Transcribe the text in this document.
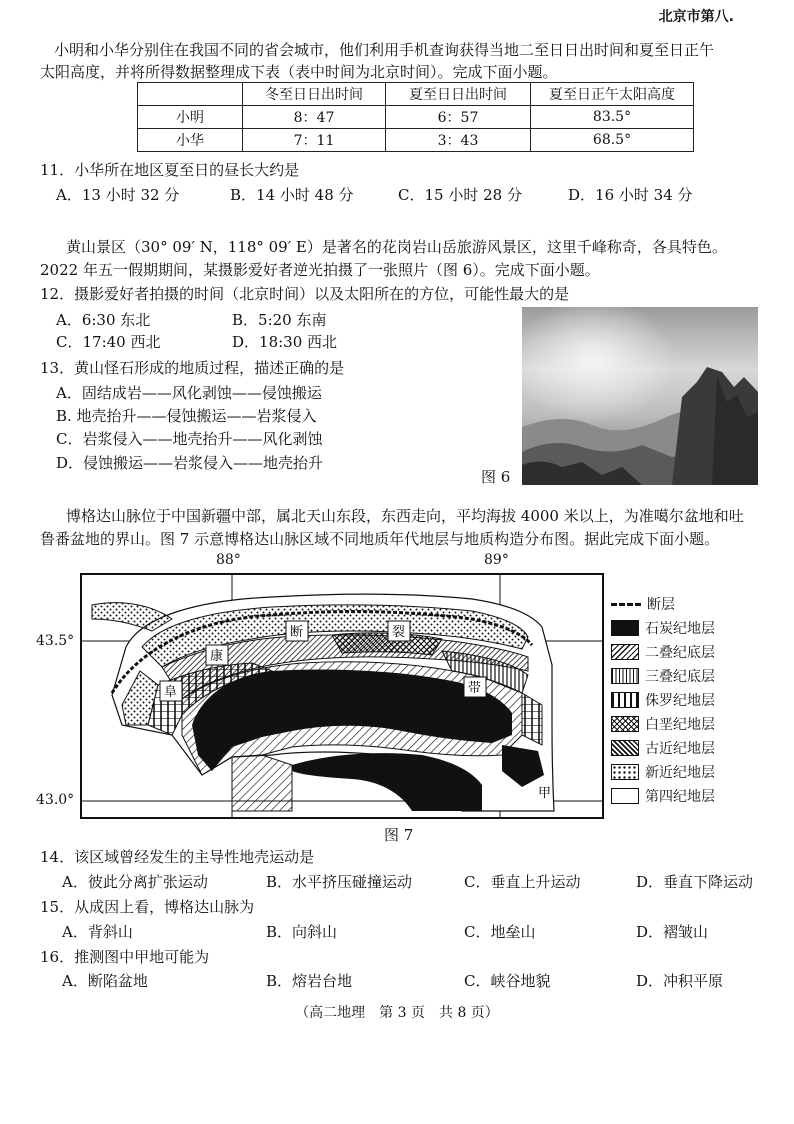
北京市第八.
小明和小华分别住在我国不同的省会城市，他们利用手机查询获得当地二至日日出时间和夏至日正午
太阳高度，并将所得数据整理成下表（表中时间为北京时间）。完成下面小题。
	冬至日日出时间	夏至日日出时间	夏至日正午太阳高度
小明	8：47	6：57	83.5°
小华	7：11	3：43	68.5°
11．小华所在地区夏至日的昼长大约是
A．13 小时 32 分	B．14 小时 48 分	C．15 小时 28 分	D．16 小时 34 分
黄山景区（30° 09′ N，118° 09′ E）是著名的花岗岩山岳旅游风景区，这里千峰称奇，各具特色。
2022 年五一假期期间，某摄影爱好者逆光拍摄了一张照片（图 6）。完成下面小题。
12．摄影爱好者拍摄的时间（北京时间）以及太阳所在的方位，可能性最大的是
A．6:30 东北	B．5:20 东南
C．17:40 西北	D．18:30 西北
13．黄山怪石形成的地质过程，描述正确的是
A．固结成岩——风化剥蚀——侵蚀搬运
B. 地壳抬升——侵蚀搬运——岩浆侵入
C．岩浆侵入——地壳抬升——风化剥蚀
D．侵蚀搬运——岩浆侵入——地壳抬升
图 6
博格达山脉位于中国新疆中部，属北天山东段，东西走向，平均海拔 4000 米以上，为准噶尔盆地和吐
鲁番盆地的界山。图 7 示意博格达山脉区域不同地质年代地层与地质构造分布图。据此完成下面小题。
88°	89°
43.5°
43.0°
阜
康
断	裂
带
甲
断层
石炭纪地层
二叠纪底层
三叠纪底层
侏罗纪地层
白垩纪地层
古近纪地层
新近纪地层
第四纪地层
图 7
14．该区域曾经发生的主导性地壳运动是
A．彼此分离扩张运动	B．水平挤压碰撞运动	C．垂直上升运动	D．垂直下降运动
15．从成因上看，博格达山脉为
A．背斜山	B．向斜山	C．地垒山	D．褶皱山
16．推测图中甲地可能为
A．断陷盆地	B．熔岩台地	C．峡谷地貌	D．冲积平原
（高二地理　第 3 页　共 8 页）
